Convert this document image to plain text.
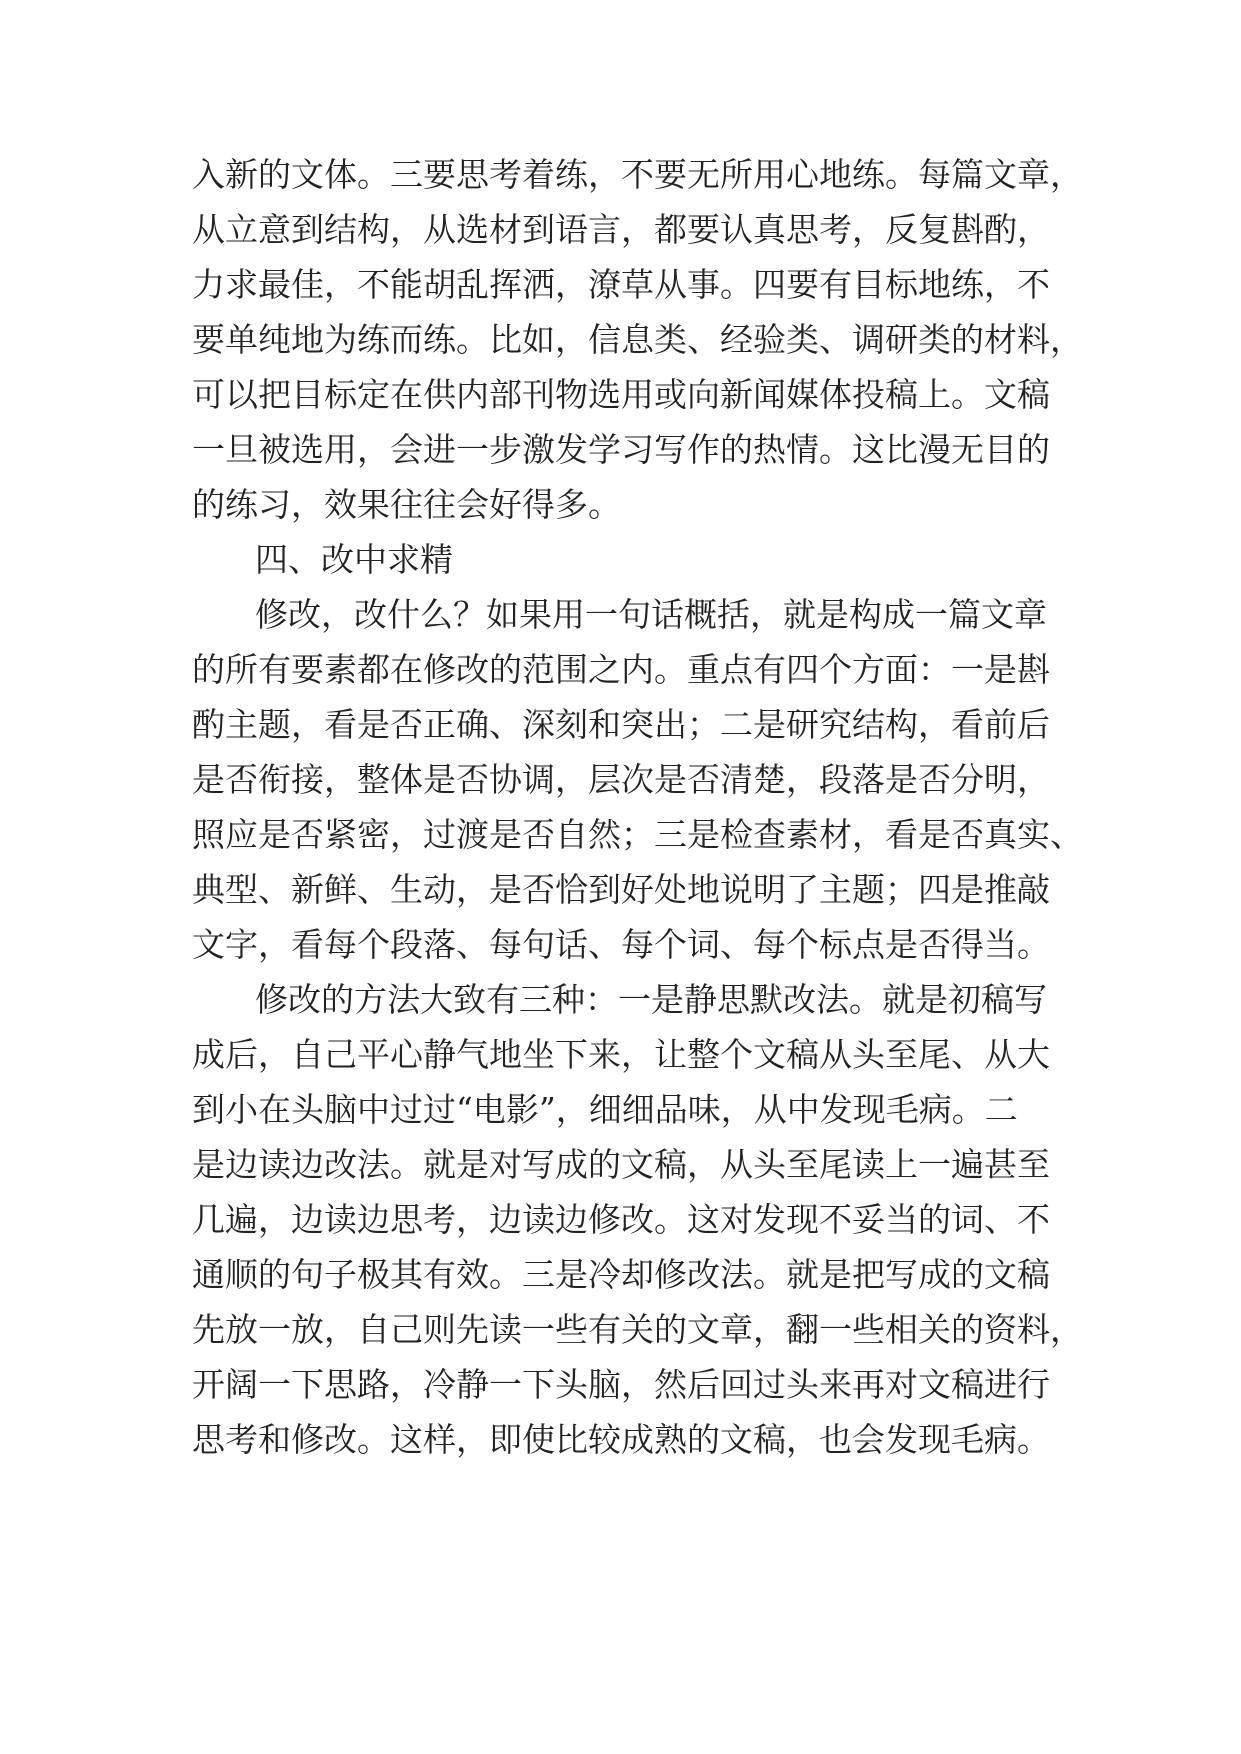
入新的文体。三要思考着练，不要无所用心地练。每篇文章，
从立意到结构，从选材到语言，都要认真思考，反复斟酌，
力求最佳，不能胡乱挥洒，潦草从事。四要有目标地练，不
要单纯地为练而练。比如，信息类、经验类、调研类的材料，
可以把目标定在供内部刊物选用或向新闻媒体投稿上。文稿
一旦被选用，会进一步激发学习写作的热情。这比漫无目的
的练习，效果往往会好得多。
四、改中求精
修改，改什么？如果用一句话概括，就是构成一篇文章
的所有要素都在修改的范围之内。重点有四个方面：一是斟
酌主题，看是否正确、深刻和突出；二是研究结构，看前后
是否衔接，整体是否协调，层次是否清楚，段落是否分明，
照应是否紧密，过渡是否自然；三是检查素材，看是否真实、
典型、新鲜、生动，是否恰到好处地说明了主题；四是推敲
文字，看每个段落、每句话、每个词、每个标点是否得当。
修改的方法大致有三种：一是静思默改法。就是初稿写
成后，自己平心静气地坐下来，让整个文稿从头至尾、从大
到小在头脑中过过“电影”，细细品味，从中发现毛病。二
是边读边改法。就是对写成的文稿，从头至尾读上一遍甚至
几遍，边读边思考，边读边修改。这对发现不妥当的词、不
通顺的句子极其有效。三是冷却修改法。就是把写成的文稿
先放一放，自己则先读一些有关的文章，翻一些相关的资料，
开阔一下思路，冷静一下头脑，然后回过头来再对文稿进行
思考和修改。这样，即使比较成熟的文稿，也会发现毛病。
